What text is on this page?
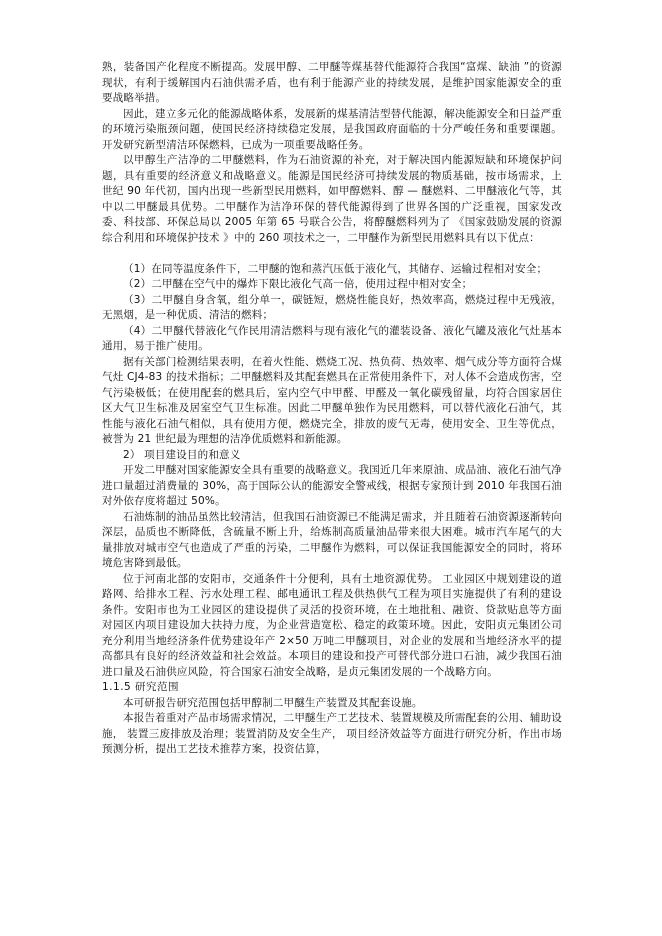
熟，装备国产化程度不断提高。发展甲醇、二甲醚等煤基替代能源符合我国“富煤、缺油 ”的资源现状，有利于缓解国内石油供需矛盾，也有利于能源产业的持续发展，是维护国家能源安全的重要战略举措。

因此，建立多元化的能源战略体系，发展新的煤基清洁型替代能源，解决能源安全和日益严重的环境污染瓶颈问题，使国民经济持续稳定发展，是我国政府面临的十分严峻任务和重要课题。开发研究新型清洁环保燃料，已成为一项重要战略任务。

以甲醇生产洁净的二甲醚燃料，作为石油资源的补充，对于解决国内能源短缺和环境保护问题，具有重要的经济意义和战略意义。能源是国民经济可持续发展的物质基础，按市场需求，上世纪 90 年代初，国内出现一些新型民用燃料，如甲醇燃料、醇 — 醚燃料、二甲醚液化气等，其中以二甲醚最具优势。二甲醚作为洁净环保的替代能源得到了世界各国的广泛重视，国家发改委、科技部、环保总局以 2005 年第 65 号联合公告，将醇醚燃料列为了 《国家鼓励发展的资源综合利用和环境保护技术 》中的 260 项技术之一，二甲醚作为新型民用燃料具有以下优点：

（1）在同等温度条件下，二甲醚的饱和蒸汽压低于液化气，其储存、运输过程相对安全；

（2）二甲醚在空气中的爆炸下限比液化气高一倍，使用过程中相对安全；

（3）二甲醚自身含氧，组分单一，碳链短，燃烧性能良好，热效率高，燃烧过程中无残液，无黑烟，是一种优质、清洁的燃料；

（4）二甲醚代替液化气作民用清洁燃料与现有液化气的灌装设备、液化气罐及液化气灶基本通用，易于推广使用。

据有关部门检测结果表明，在着火性能、燃烧工况、热负荷、热效率、烟气成分等方面符合煤气灶 CJ4-83 的技术指标；二甲醚燃料及其配套燃具在正常使用条件下，对人体不会造成伤害，空气污染极低；在使用配套的燃具后，室内空气中甲醛、甲醛及一氧化碳残留量，均符合国家居住区大气卫生标准及居室空气卫生标准。因此二甲醚单独作为民用燃料，可以替代液化石油气，其性能与液化石油气相似，具有使用方便，燃烧完全，排放的废气无毒，使用安全、卫生等优点，被誉为 21 世纪最为理想的洁净优质燃料和新能源。

2） 项目建设目的和意义

开发二甲醚对国家能源安全具有重要的战略意义。我国近几年来原油、成品油、液化石油气净进口量超过消费量的 30%，高于国际公认的能源安全警戒线，根据专家预计到 2010 年我国石油对外依存度将超过 50%。

石油炼制的油品虽然比较清洁，但我国石油资源已不能满足需求，并且随着石油资源逐渐转向深层，品质也不断降低，含硫量不断上升，给炼制高质量油品带来很大困难。城市汽车尾气的大量排放对城市空气也造成了严重的污染，二甲醚作为燃料，可以保证我国能源安全的同时，将环境危害降到最低。

位于河南北部的安阳市，交通条件十分便利，具有土地资源优势。 工业园区中规划建设的道路网、给排水工程、污水处理工程、邮电通讯工程及供热供气工程为项目实施提供了有利的建设条件。安阳市也为工业园区的建设提供了灵活的投资环境，在土地批租、融资、贷款贴息等方面对园区内项目建设加大扶持力度，为企业营造宽松、稳定的政策环境。因此，安阳贞元集团公司充分利用当地经济条件优势建设年产 2×50 万吨二甲醚项目，对企业的发展和当地经济水平的提高都具有良好的经济效益和社会效益。本项目的建设和投产可替代部分进口石油，减少我国石油进口量及石油供应风险，符合国家石油安全战略，是贞元集团发展的一个战略方向。

1.1.5 研究范围

本可研报告研究范围包括甲醇制二甲醚生产装置及其配套设施。

本报告着重对产品市场需求情况，二甲醚生产工艺技术、装置规模及所需配套的公用、辅助设施， 装置三废排放及治理；装置消防及安全生产， 项目经济效益等方面进行研究分析，作出市场预测分析，提出工艺技术推荐方案，投资估算，
